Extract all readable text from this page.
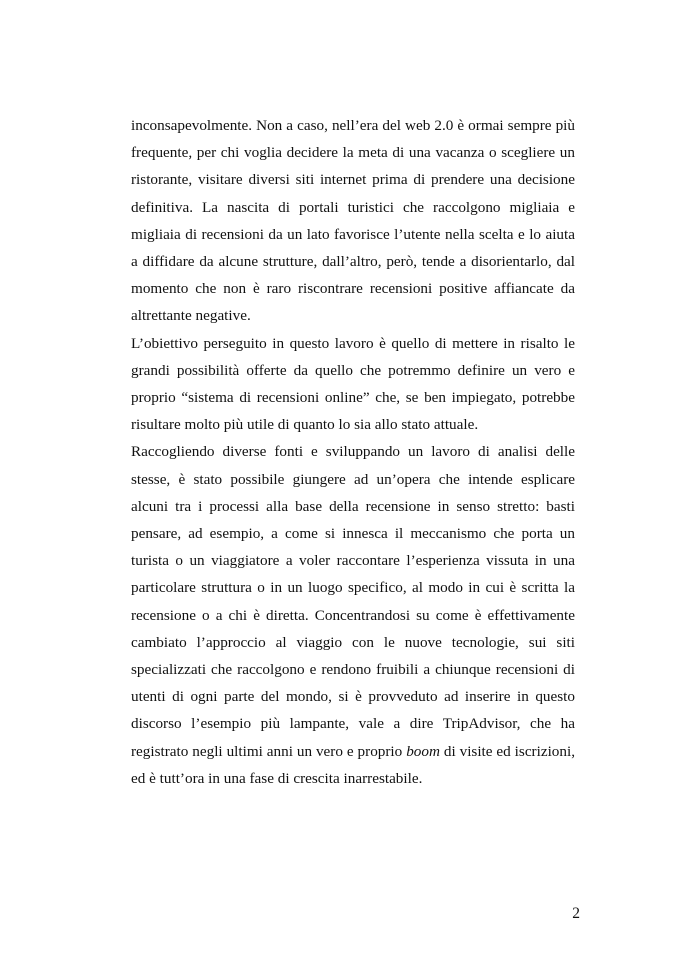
inconsapevolmente. Non a caso, nell’era del web 2.0 è ormai sempre più frequente, per chi voglia decidere la meta di una vacanza o scegliere un ristorante, visitare diversi siti internet prima di prendere una decisione definitiva. La nascita di portali turistici che raccolgono migliaia e migliaia di recensioni da un lato favorisce l’utente nella scelta e lo aiuta a diffidare da alcune strutture, dall’altro, però, tende a disorientarlo, dal momento che non è raro riscontrare recensioni positive affiancate da altrettante negative.

L’obiettivo perseguito in questo lavoro è quello di mettere in risalto le grandi possibilità offerte da quello che potremmo definire un vero e proprio “sistema di recensioni online” che, se ben impiegato, potrebbe risultare molto più utile di quanto lo sia allo stato attuale.

Raccogliendo diverse fonti e sviluppando un lavoro di analisi delle stesse, è stato possibile giungere ad un’opera che intende esplicare alcuni tra i processi alla base della recensione in senso stretto: basti pensare, ad esempio, a come si innesca il meccanismo che porta un turista o un viaggiatore a voler raccontare l’esperienza vissuta in una particolare struttura o in un luogo specifico, al modo in cui è scritta la recensione o a chi è diretta. Concentrandosi su come è effettivamente cambiato l’approccio al viaggio con le nuove tecnologie, sui siti specializzati che raccolgono e rendono fruibili a chiunque recensioni di utenti di ogni parte del mondo, si è provveduto ad inserire in questo discorso l’esempio più lampante, vale a dire TripAdvisor, che ha registrato negli ultimi anni un vero e proprio boom di visite ed iscrizioni, ed è tutt’ora in una fase di crescita inarrestabile.

2
